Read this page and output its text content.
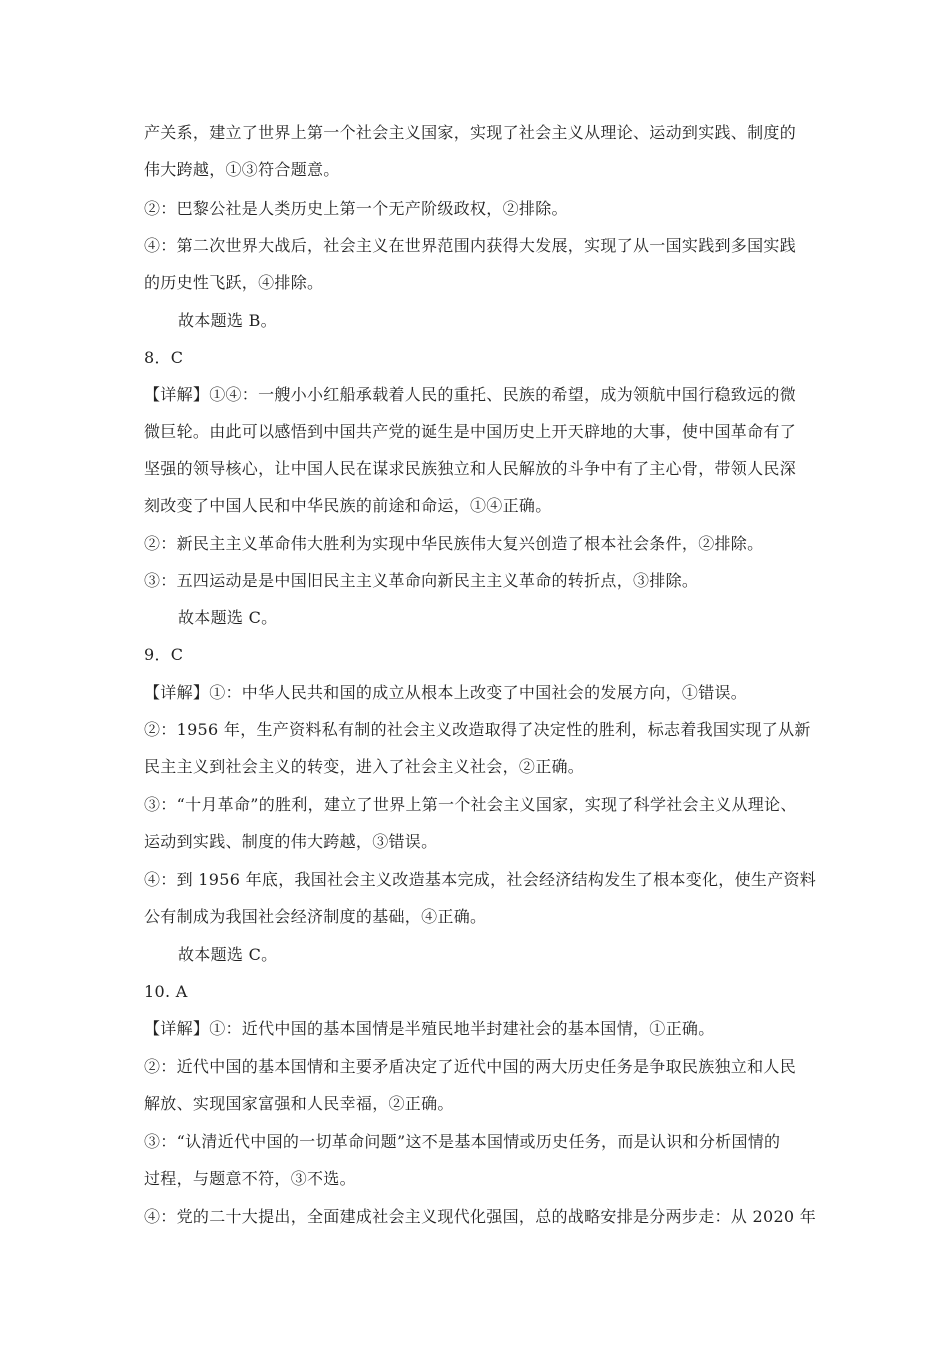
产关系，建立了世界上第一个社会主义国家，实现了社会主义从理论、运动到实践、制度的
伟大跨越，①③符合题意。
②：巴黎公社是人类历史上第一个无产阶级政权，②排除。
④：第二次世界大战后，社会主义在世界范围内获得大发展，实现了从一国实践到多国实践
的历史性飞跃，④排除。
故本题选 B。
8．C
【详解】①④：一艘小小红船承载着人民的重托、民族的希望，成为领航中国行稳致远的微
微巨轮。由此可以感悟到中国共产党的诞生是中国历史上开天辟地的大事，使中国革命有了
坚强的领导核心，让中国人民在谋求民族独立和人民解放的斗争中有了主心骨，带领人民深
刻改变了中国人民和中华民族的前途和命运，①④正确。
②：新民主主义革命伟大胜利为实现中华民族伟大复兴创造了根本社会条件，②排除。
③：五四运动是是中国旧民主主义革命向新民主主义革命的转折点，③排除。
故本题选 C。
9．C
【详解】①：中华人民共和国的成立从根本上改变了中国社会的发展方向，①错误。
②：1956 年，生产资料私有制的社会主义改造取得了决定性的胜利，标志着我国实现了从新
民主主义到社会主义的转变，进入了社会主义社会，②正确。
③：“十月革命”的胜利，建立了世界上第一个社会主义国家，实现了科学社会主义从理论、
运动到实践、制度的伟大跨越，③错误。
④：到 1956 年底，我国社会主义改造基本完成，社会经济结构发生了根本变化，使生产资料
公有制成为我国社会经济制度的基础，④正确。
故本题选 C。
10. A
【详解】①：近代中国的基本国情是半殖民地半封建社会的基本国情，①正确。
②：近代中国的基本国情和主要矛盾决定了近代中国的两大历史任务是争取民族独立和人民
解放、实现国家富强和人民幸福，②正确。
③：“认清近代中国的一切革命问题”这不是基本国情或历史任务，而是认识和分析国情的
过程，与题意不符，③不选。
④：党的二十大提出，全面建成社会主义现代化强国，总的战略安排是分两步走：从 2020 年
